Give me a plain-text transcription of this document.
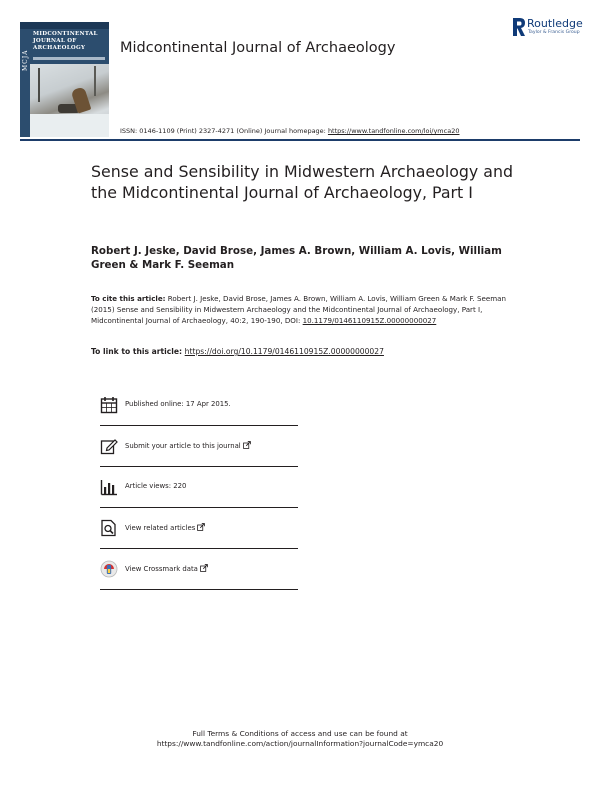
MCJA
MIDCONTINENTAL
JOURNAL OF
ARCHAEOLOGY	Midcontinental Journal of Archaeology
Routledge
Taylor & Francis Group
ISSN: 0146-1109 (Print) 2327-4271 (Online) Journal homepage: https://www.tandfonline.com/loi/ymca20
Sense and Sensibility in Midwestern Archaeology and the Midcontinental Journal of Archaeology, Part I
Robert J. Jeske, David Brose, James A. Brown, William A. Lovis, William Green & Mark F. Seeman
To cite this article: Robert J. Jeske, David Brose, James A. Brown, William A. Lovis, William Green & Mark F. Seeman (2015) Sense and Sensibility in Midwestern Archaeology and the Midcontinental Journal of Archaeology, Part I, Midcontinental Journal of Archaeology, 40:2, 190-190, DOI: 10.1179/0146110915Z.00000000027
To link to this article: https://doi.org/10.1179/0146110915Z.00000000027
Published online: 17 Apr 2015.
Submit your article to this journal
Article views: 220
View related articles
View Crossmark data
Full Terms & Conditions of access and use can be found at
https://www.tandfonline.com/action/journalInformation?journalCode=ymca20
